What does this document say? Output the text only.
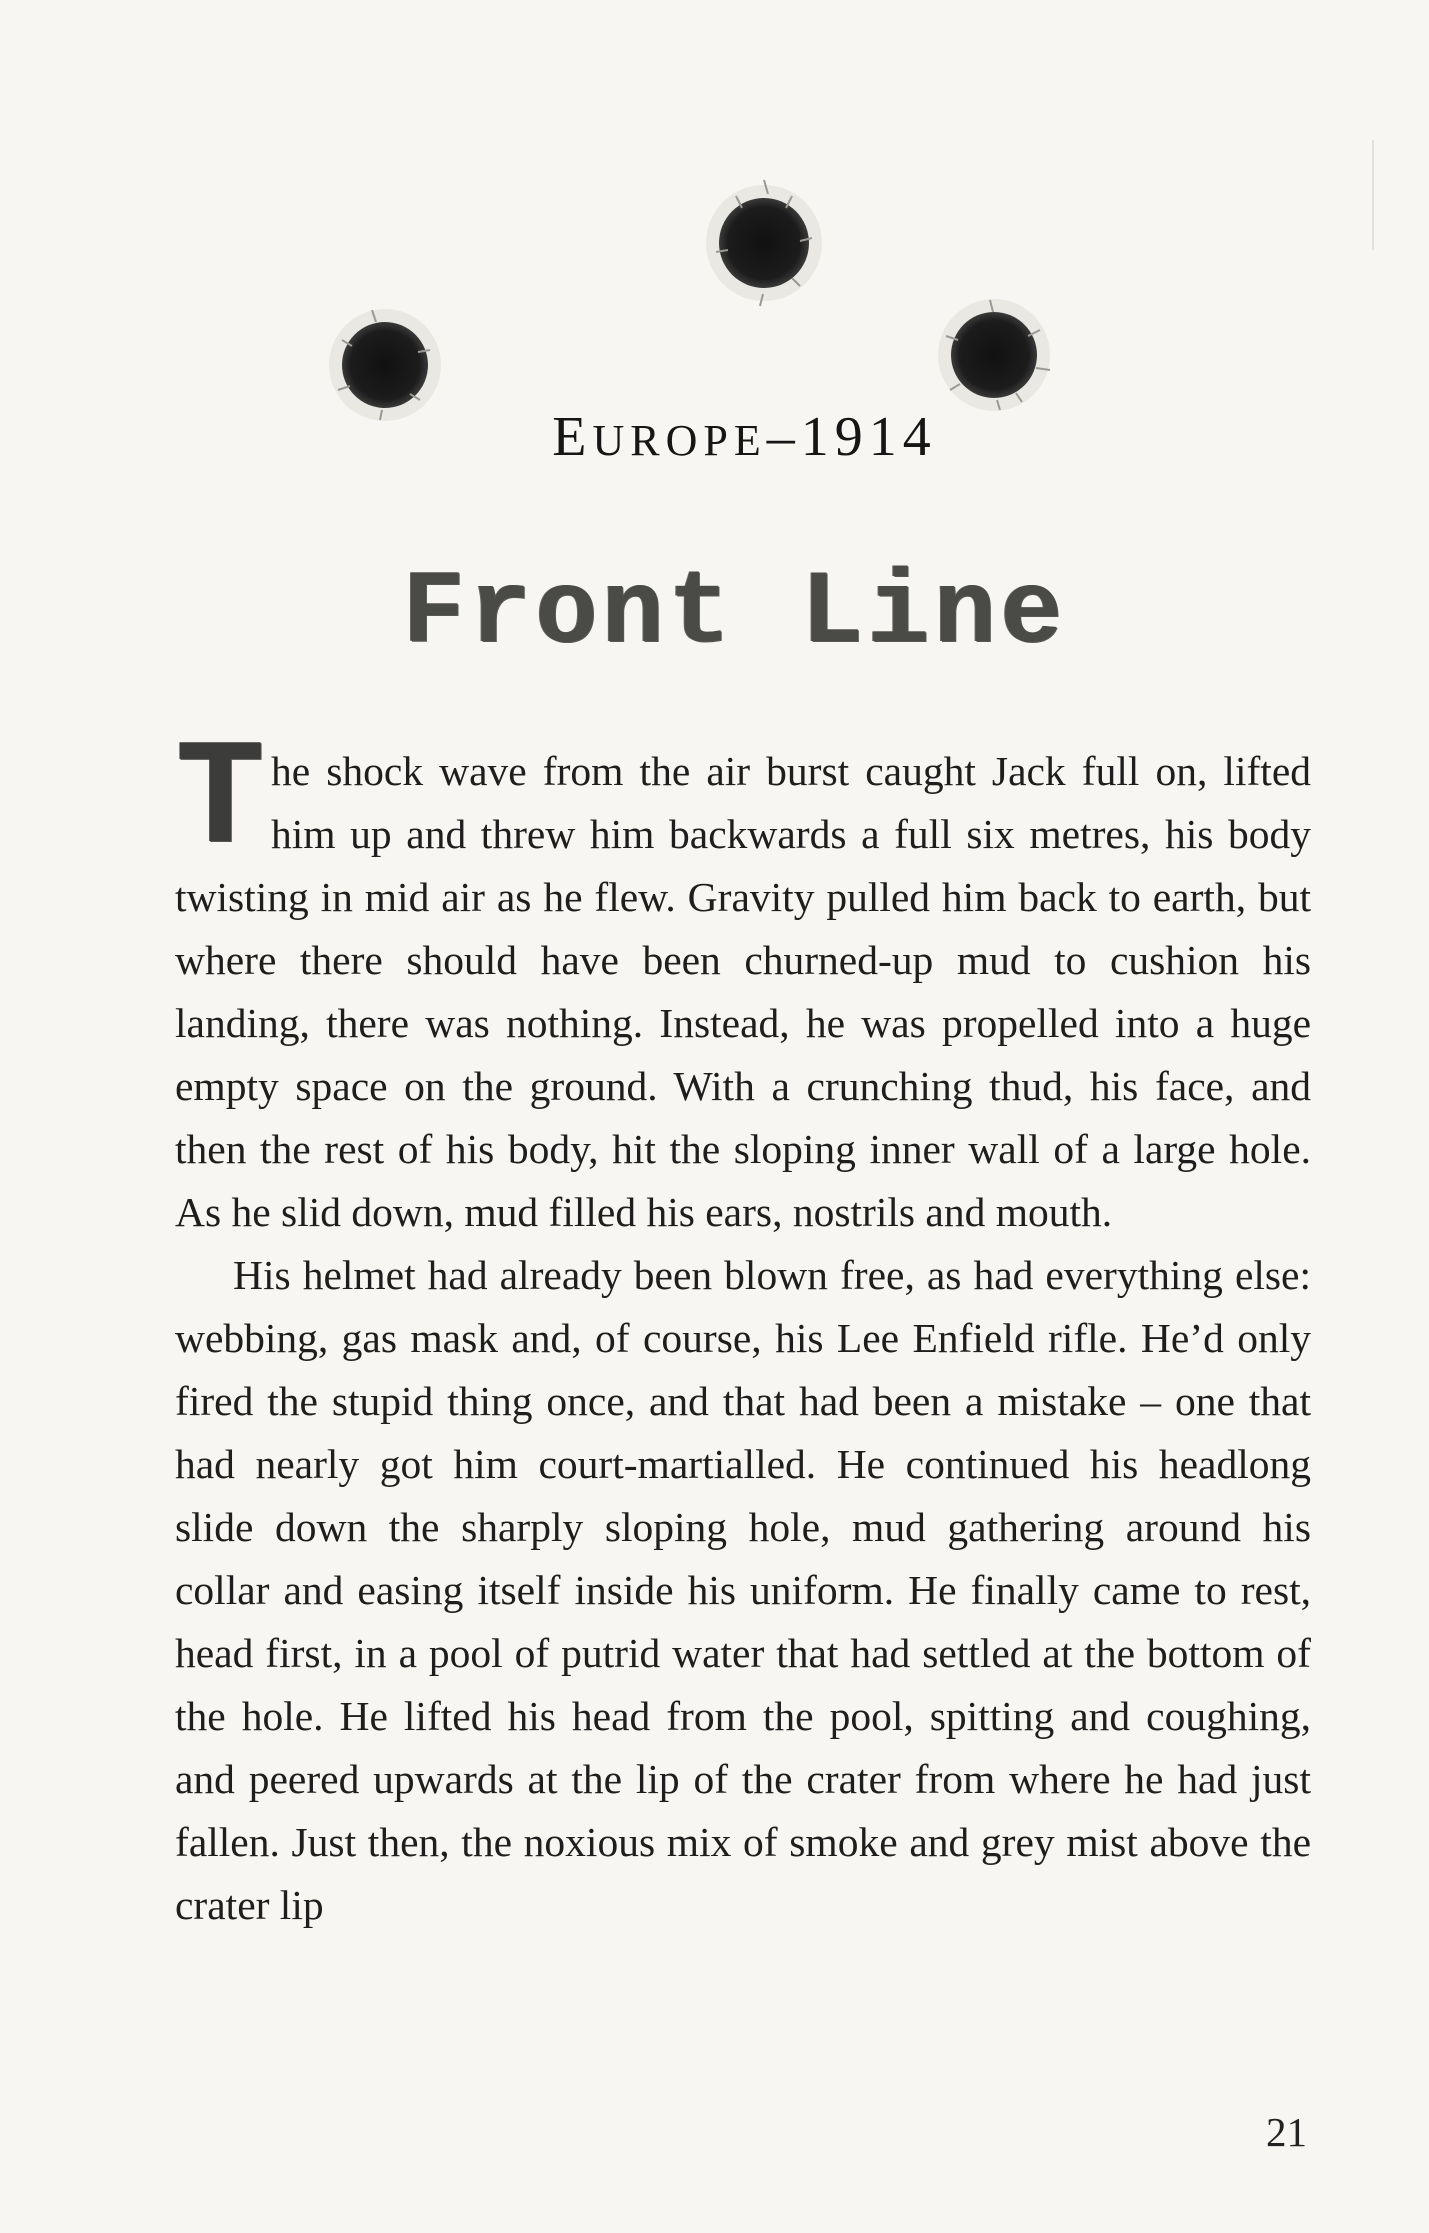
EUROPE–1914
Front Line

The shock wave from the air burst caught Jack full on, lifted him up and threw him backwards a full six metres, his body twisting in mid air as he flew. Gravity pulled him back to earth, but where there should have been churned-up mud to cushion his landing, there was nothing. Instead, he was propelled into a huge empty space on the ground. With a crunching thud, his face, and then the rest of his body, hit the sloping inner wall of a large hole. As he slid down, mud filled his ears, nostrils and mouth.

His helmet had already been blown free, as had everything else: webbing, gas mask and, of course, his Lee Enfield rifle. He’d only fired the stupid thing once, and that had been a mistake – one that had nearly got him court-martialled. He continued his headlong slide down the sharply sloping hole, mud gathering around his collar and easing itself inside his uniform. He finally came to rest, head first, in a pool of putrid water that had settled at the bottom of the hole. He lifted his head from the pool, spitting and coughing, and peered upwards at the lip of the crater from where he had just fallen. Just then, the noxious mix of smoke and grey mist above the crater lip

21
